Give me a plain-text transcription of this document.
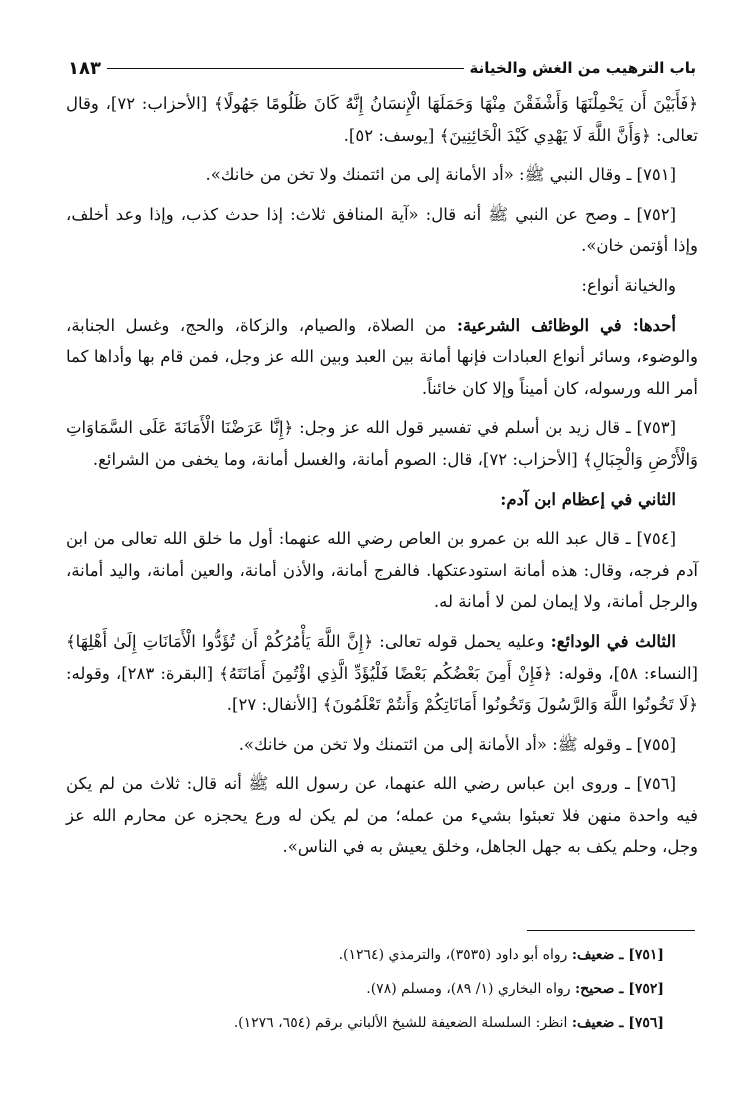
باب الترهيب من الغش والخيانة
١٨٣

﴿فَأَبَيْنَ أَن يَحْمِلْنَهَا وَأَشْفَقْنَ مِنْهَا وَحَمَلَهَا الْإِنسَانُ إِنَّهُ كَانَ ظَلُومًا جَهُولًا﴾ [الأحزاب: ٧٢]، وقال تعالى: ﴿وَأَنَّ اللَّهَ لَا يَهْدِي كَيْدَ الْخَائِنِينَ﴾ [يوسف: ٥٢].

[٧٥١] ـ وقال النبي ﷺ: «أد الأمانة إلى من ائتمنك ولا تخن من خانك».

[٧٥٢] ـ وصح عن النبي ﷺ أنه قال: «آية المنافق ثلاث: إذا حدث كذب، وإذا وعد أخلف، وإذا أؤتمن خان».

والخيانة أنواع:

أحدها: في الوظائف الشرعية: من الصلاة، والصيام، والزكاة، والحج، وغسل الجنابة، والوضوء، وسائر أنواع العبادات فإنها أمانة بين العبد وبين الله عز وجل، فمن قام بها وأداها كما أمر الله ورسوله، كان أميناً وإلا كان خائناً.

[٧٥٣] ـ قال زيد بن أسلم في تفسير قول الله عز وجل: ﴿إِنَّا عَرَضْنَا الْأَمَانَةَ عَلَى السَّمَاوَاتِ وَالْأَرْضِ وَالْجِبَالِ﴾ [الأحزاب: ٧٢]، قال: الصوم أمانة، والغسل أمانة، وما يخفى من الشرائع.

الثاني في إعظام ابن آدم:

[٧٥٤] ـ قال عبد الله بن عمرو بن العاص رضي الله عنهما: أول ما خلق الله تعالى من ابن آدم فرجه، وقال: هذه أمانة استودعتكها. فالفرج أمانة، والأذن أمانة، والعين أمانة، واليد أمانة، والرجل أمانة، ولا إيمان لمن لا أمانة له.

الثالث في الودائع: وعليه يحمل قوله تعالى: ﴿إِنَّ اللَّهَ يَأْمُرُكُمْ أَن تُؤَدُّوا الْأَمَانَاتِ إِلَىٰ أَهْلِهَا﴾ [النساء: ٥٨]، وقوله: ﴿فَإِنْ أَمِنَ بَعْضُكُم بَعْضًا فَلْيُؤَدِّ الَّذِي اؤْتُمِنَ أَمَانَتَهُ﴾ [البقرة: ٢٨٣]، وقوله: ﴿لَا تَخُونُوا اللَّهَ وَالرَّسُولَ وَتَخُونُوا أَمَانَاتِكُمْ وَأَنتُمْ تَعْلَمُونَ﴾ [الأنفال: ٢٧].

[٧٥٥] ـ وقوله ﷺ: «أد الأمانة إلى من ائتمنك ولا تخن من خانك».

[٧٥٦] ـ وروى ابن عباس رضي الله عنهما، عن رسول الله ﷺ أنه قال: ثلاث من لم يكن فيه واحدة منهن فلا تعبئوا بشيء من عمله؛ من لم يكن له ورع يحجزه عن محارم الله عز وجل، وحلم يكف به جهل الجاهل، وخلق يعيش به في الناس».

[٧٥١] ـ ضعيف: رواه أبو داود (٣٥٣٥)، والترمذي (١٢٦٤).

[٧٥٢] ـ صحيح: رواه البخاري (١/ ٨٩)، ومسلم (٧٨).

[٧٥٦] ـ ضعيف: انظر: السلسلة الضعيفة للشيخ الألباني برقم (٦٥٤، ١٢٧٦).
